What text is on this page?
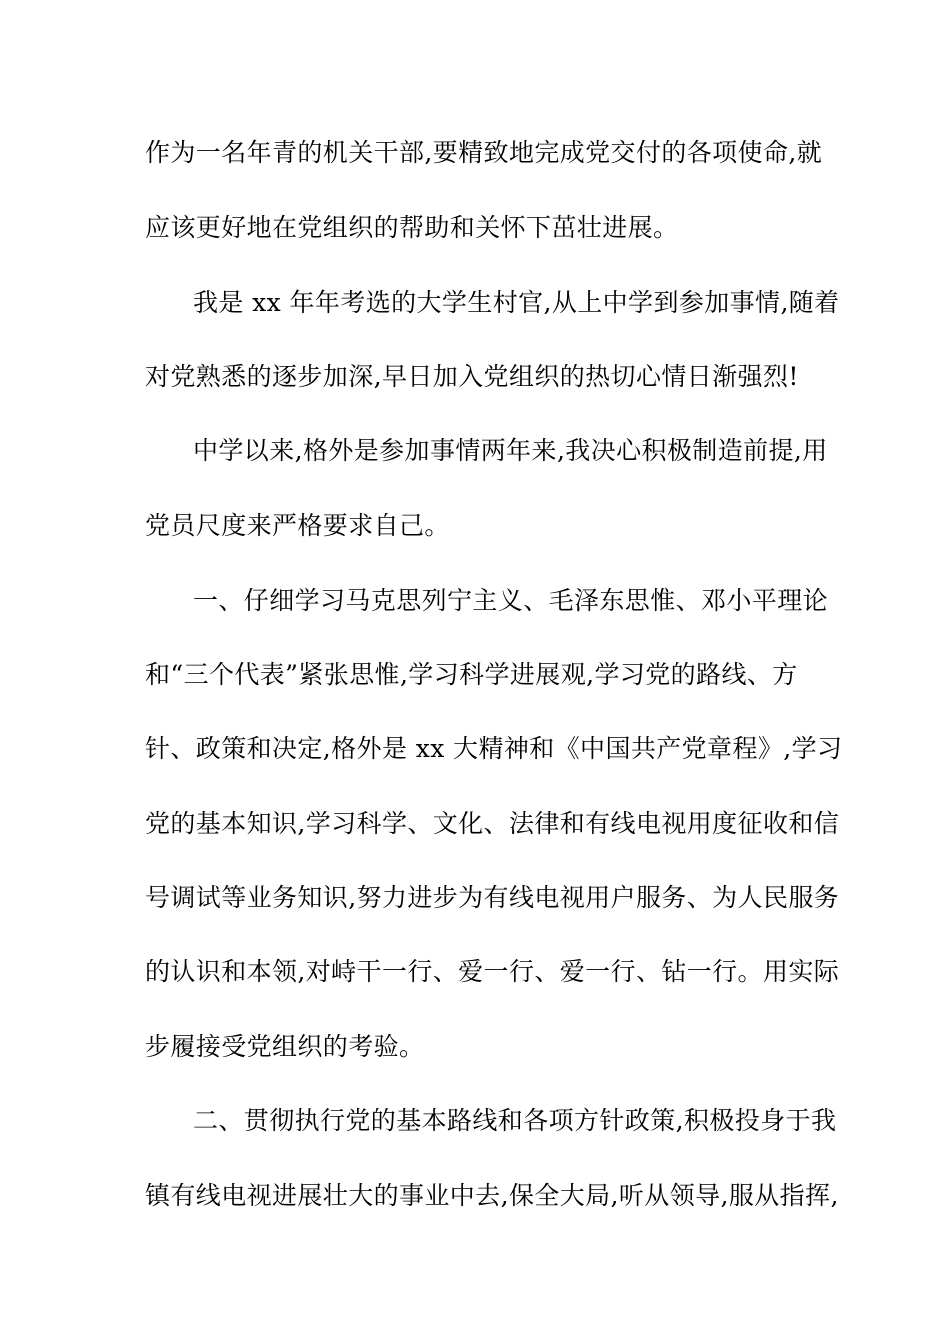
作为一名年青的机关干部,要精致地完成党交付的各项使命,就
应该更好地在党组织的帮助和关怀下茁壮进展。
我是 xx 年年考选的大学生村官,从上中学到参加事情,随着
对党熟悉的逐步加深,早日加入党组织的热切心情日渐强烈!
中学以来,格外是参加事情两年来,我决心积极制造前提,用
党员尺度来严格要求自己。
一、仔细学习马克思列宁主义、毛泽东思惟、邓小平理论
和“三个代表”紧张思惟,学习科学进展观,学习党的路线、方
针、政策和决定,格外是 xx 大精神和《中国共产党章程》,学习
党的基本知识,学习科学、文化、法律和有线电视用度征收和信
号调试等业务知识,努力进步为有线电视用户服务、为人民服务
的认识和本领,对峙干一行、爱一行、爱一行、钻一行。用实际
步履接受党组织的考验。
二、贯彻执行党的基本路线和各项方针政策,积极投身于我
镇有线电视进展壮大的事业中去,保全大局,听从领导,服从指挥,
